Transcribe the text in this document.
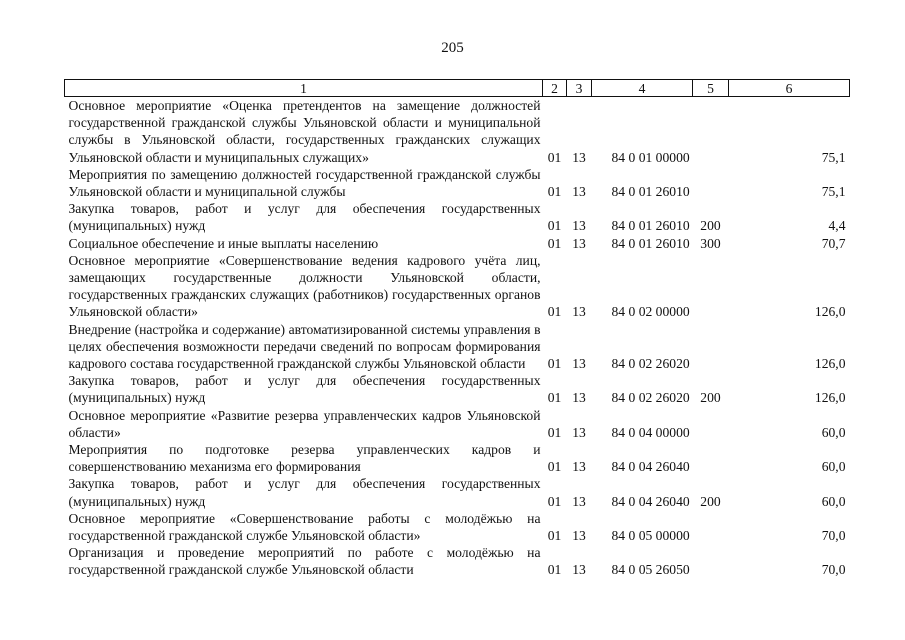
205
1	2	3	4	5	6
Основное мероприятие «Оценка претендентов на замещение должностей государственной гражданской службы Ульяновской области и муниципальной службы в Ульяновской области, государственных гражданских служащих Ульяновской области и муниципальных служащих»	01	13	84 0 01 00000		75,1
Мероприятия по замещению должностей государственной гражданской службы Ульяновской области и муниципальной службы	01	13	84 0 01 26010		75,1
Закупка товаров, работ и услуг для обеспечения государственных (муниципальных) нужд	01	13	84 0 01 26010	200	4,4
Социальное обеспечение и иные выплаты населению	01	13	84 0 01 26010	300	70,7
Основное мероприятие «Совершенствование ведения кадрового учёта лиц, замещающих государственные должности Ульяновской области, государственных гражданских служащих (работников) государственных органов Ульяновской области»	01	13	84 0 02 00000		126,0
Внедрение (настройка и содержание) автоматизированной системы управления в целях обеспечения возможности передачи сведений по вопросам формирования кадрового состава государственной гражданской службы Ульяновской области	01	13	84 0 02 26020		126,0
Закупка товаров, работ и услуг для обеспечения государственных (муниципальных) нужд	01	13	84 0 02 26020	200	126,0
Основное мероприятие «Развитие резерва управленческих кадров Ульяновской области»	01	13	84 0 04 00000		60,0
Мероприятия по подготовке резерва управленческих кадров и совершенствованию механизма его формирования	01	13	84 0 04 26040		60,0
Закупка товаров, работ и услуг для обеспечения государственных (муниципальных) нужд	01	13	84 0 04 26040	200	60,0
Основное мероприятие «Совершенствование работы с молодёжью на государственной гражданской службе Ульяновской области»	01	13	84 0 05 00000		70,0
Организация и проведение мероприятий по работе с молодёжью на государственной гражданской службе Ульяновской области	01	13	84 0 05 26050		70,0
